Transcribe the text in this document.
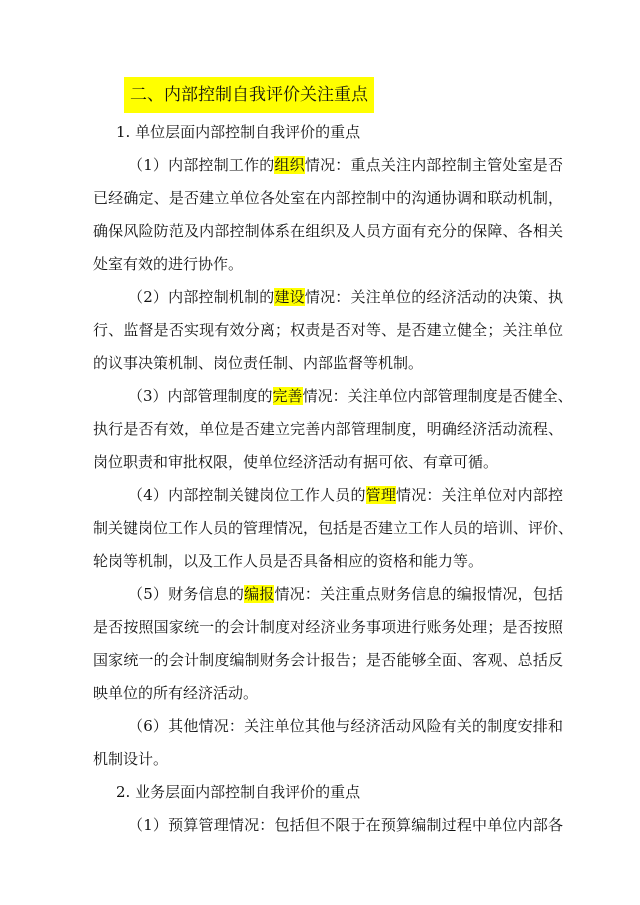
二、内部控制自我评价关注重点
1. 单位层面内部控制自我评价的重点
（1）内部控制工作的组织情况：重点关注内部控制主管处室是否
已经确定、是否建立单位各处室在内部控制中的沟通协调和联动机制，
确保风险防范及内部控制体系在组织及人员方面有充分的保障、各相关
处室有效的进行协作。
（2）内部控制机制的建设情况：关注单位的经济活动的决策、执
行、监督是否实现有效分离；权责是否对等、是否建立健全；关注单位
的议事决策机制、岗位责任制、内部监督等机制。
（3）内部管理制度的完善情况：关注单位内部管理制度是否健全、
执行是否有效，单位是否建立完善内部管理制度，明确经济活动流程、
岗位职责和审批权限，使单位经济活动有据可依、有章可循。
（4）内部控制关键岗位工作人员的管理情况：关注单位对内部控
制关键岗位工作人员的管理情况，包括是否建立工作人员的培训、评价、
轮岗等机制，以及工作人员是否具备相应的资格和能力等。
（5）财务信息的编报情况：关注重点财务信息的编报情况，包括
是否按照国家统一的会计制度对经济业务事项进行账务处理；是否按照
国家统一的会计制度编制财务会计报告；是否能够全面、客观、总括反
映单位的所有经济活动。
（6）其他情况：关注单位其他与经济活动风险有关的制度安排和
机制设计。
2. 业务层面内部控制自我评价的重点
（1）预算管理情况：包括但不限于在预算编制过程中单位内部各
